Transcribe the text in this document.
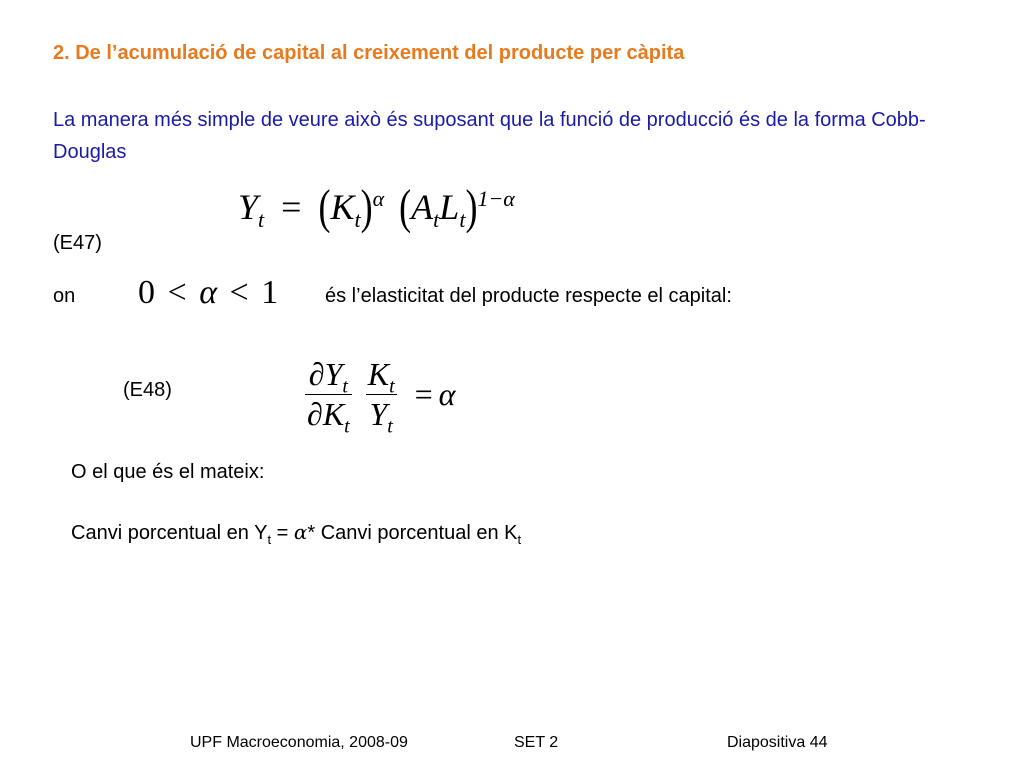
2. De l’acumulació de capital al creixement del producte per càpita
La manera més simple de veure això és suposant que la funció de producció és de la forma Cobb-Douglas
$Y_t = (K_t)^\alpha$ $(A_tL_t)^{1-\alpha}$
(E47)
on 0 < α < 1 és l’elasticitat del producte respecte el capital:
(E48)	$\frac{\partial Y_t}{\partial K_t}$
$\frac{K_t}{Y_t} = \alpha$
O el que és el mateix:
Canvi porcentual en $Y_t = \alpha*$ Canvi porcentual en $K_t$
UPF Macroeconomia, 2008-09	SET 2	Diapositiva 44
